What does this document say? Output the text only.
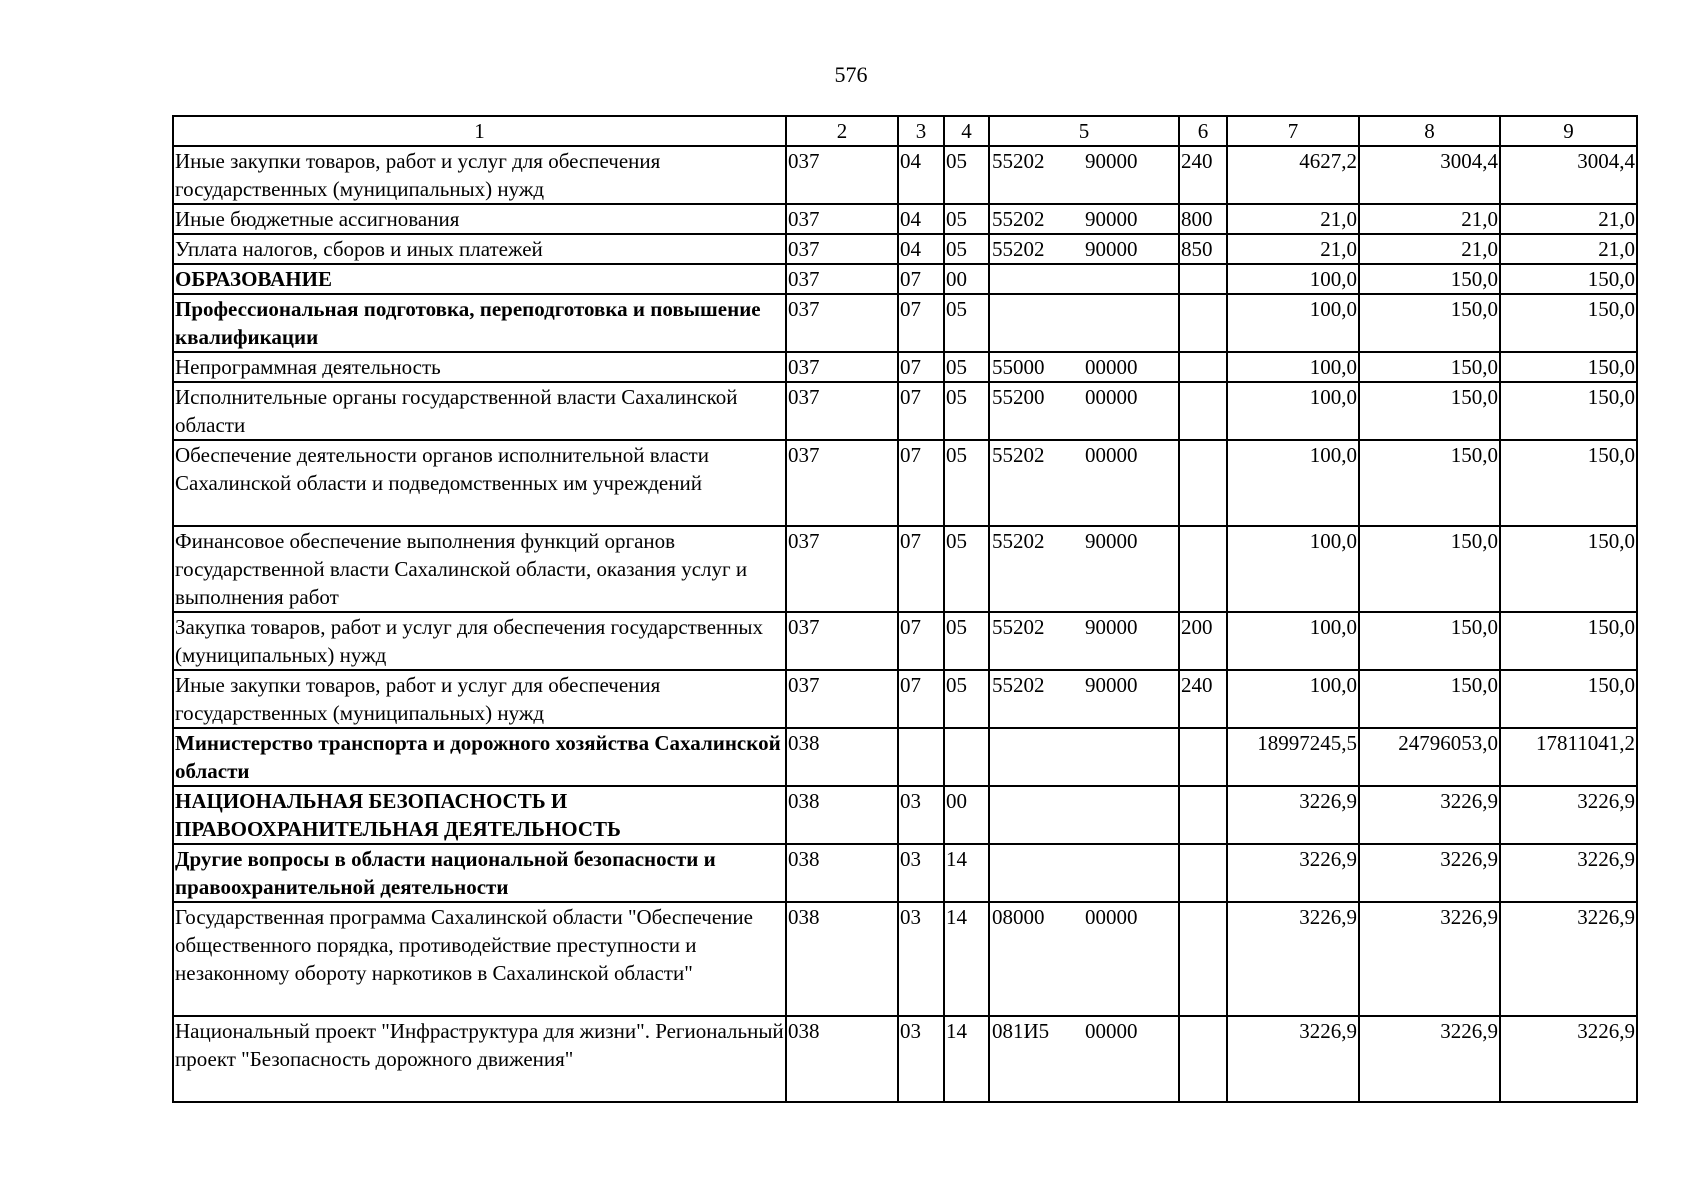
576
1	2	3	4	5	6	7	8	9
Иные закупки товаров, работ и услуг для обеспечения государственных (муниципальных) нужд	037	04	05	55202 90000	240	4627,2	3004,4	3004,4
Иные бюджетные ассигнования	037	04	05	55202 90000	800	21,0	21,0	21,0
Уплата налогов, сборов и иных платежей	037	04	05	55202 90000	850	21,0	21,0	21,0
ОБРАЗОВАНИЕ	037	07	00			100,0	150,0	150,0
Профессиональная подготовка, переподготовка и повышение квалификации	037	07	05			100,0	150,0	150,0
Непрограммная деятельность	037	07	05	55000 00000		100,0	150,0	150,0
Исполнительные органы государственной власти Сахалинской области	037	07	05	55200 00000		100,0	150,0	150,0
Обеспечение деятельности органов исполнительной власти Сахалинской области и подведомственных им учреждений	037	07	05	55202 00000		100,0	150,0	150,0
Финансовое обеспечение выполнения функций органов государственной власти Сахалинской области, оказания услуг и выполнения работ	037	07	05	55202 90000		100,0	150,0	150,0
Закупка товаров, работ и услуг для обеспечения государственных (муниципальных) нужд	037	07	05	55202 90000	200	100,0	150,0	150,0
Иные закупки товаров, работ и услуг для обеспечения государственных (муниципальных) нужд	037	07	05	55202 90000	240	100,0	150,0	150,0
Министерство транспорта и дорожного хозяйства Сахалинской области	038					18997245,5	24796053,0	17811041,2
НАЦИОНАЛЬНАЯ БЕЗОПАСНОСТЬ И ПРАВООХРАНИТЕЛЬНАЯ ДЕЯТЕЛЬНОСТЬ	038	03	00			3226,9	3226,9	3226,9
Другие вопросы в области национальной безопасности и правоохранительной деятельности	038	03	14			3226,9	3226,9	3226,9
Государственная программа Сахалинской области "Обеспечение общественного порядка, противодействие преступности и незаконному обороту наркотиков в Сахалинской области"	038	03	14	08000 00000		3226,9	3226,9	3226,9
Национальный проект "Инфраструктура для жизни". Региональный проект "Безопасность дорожного движения"	038	03	14	081И5 00000		3226,9	3226,9	3226,9
